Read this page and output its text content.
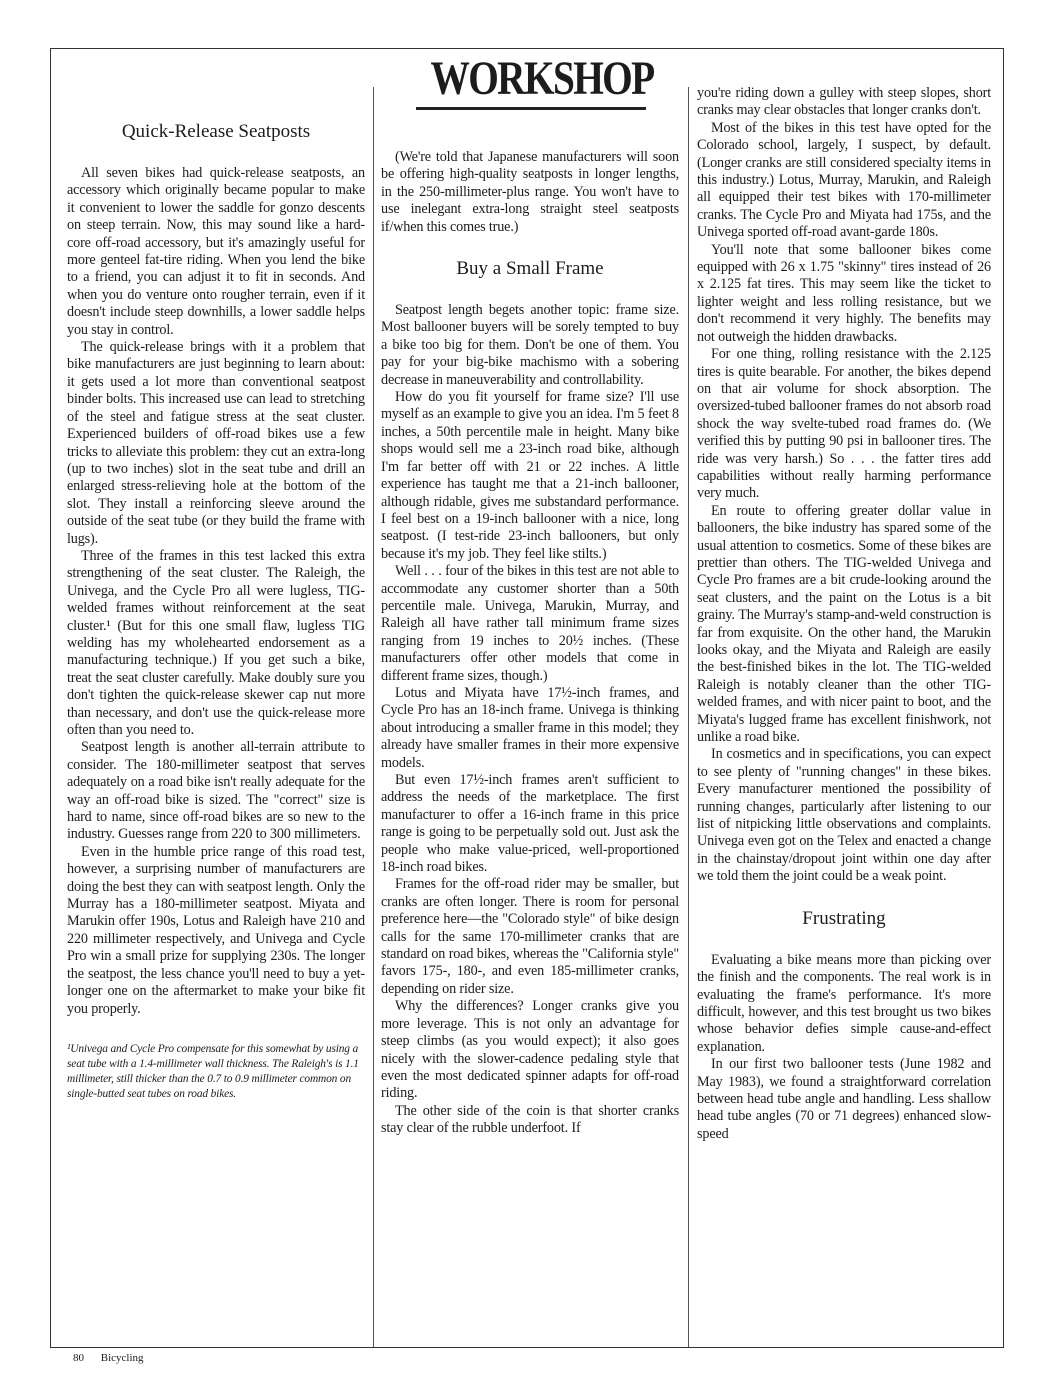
WORKSHOP
Quick-Release Seatposts

All seven bikes had quick-release seatposts, an accessory which originally became popular to make it convenient to lower the saddle for gonzo descents on steep terrain. Now, this may sound like a hard-core off-road accessory, but it's amazingly useful for more genteel fat-tire riding. When you lend the bike to a friend, you can adjust it to fit in seconds. And when you do venture onto rougher terrain, even if it doesn't include steep downhills, a lower saddle helps you stay in control.

The quick-release brings with it a problem that bike manufacturers are just beginning to learn about: it gets used a lot more than conventional seatpost binder bolts. This increased use can lead to stretching of the steel and fatigue stress at the seat cluster. Experienced builders of off-road bikes use a few tricks to alleviate this problem: they cut an extra-long (up to two inches) slot in the seat tube and drill an enlarged stress-relieving hole at the bottom of the slot. They install a reinforcing sleeve around the outside of the seat tube (or they build the frame with lugs).

Three of the frames in this test lacked this extra strengthening of the seat cluster. The Raleigh, the Univega, and the Cycle Pro all were lugless, TIG-welded frames without reinforcement at the seat cluster.¹ (But for this one small flaw, lugless TIG welding has my wholehearted endorsement as a manufacturing technique.) If you get such a bike, treat the seat cluster carefully. Make doubly sure you don't tighten the quick-release skewer cap nut more than necessary, and don't use the quick-release more often than you need to.

Seatpost length is another all-terrain attribute to consider. The 180-millimeter seatpost that serves adequately on a road bike isn't really adequate for the way an off-road bike is sized. The "correct" size is hard to name, since off-road bikes are so new to the industry. Guesses range from 220 to 300 millimeters.

Even in the humble price range of this road test, however, a surprising number of manufacturers are doing the best they can with seatpost length. Only the Murray has a 180-millimeter seatpost. Miyata and Marukin offer 190s, Lotus and Raleigh have 210 and 220 millimeter respectively, and Univega and Cycle Pro win a small prize for supplying 230s. The longer the seatpost, the less chance you'll need to buy a yet-longer one on the aftermarket to make your bike fit you properly.

¹Univega and Cycle Pro compensate for this somewhat by using a seat tube with a 1.4-millimeter wall thickness. The Raleigh's is 1.1 millimeter, still thicker than the 0.7 to 0.9 millimeter common on single-butted seat tubes on road bikes.

(We're told that Japanese manufacturers will soon be offering high-quality seatposts in longer lengths, in the 250-millimeter-plus range. You won't have to use inelegant extra-long straight steel seatposts if/when this comes true.)

Buy a Small Frame

Seatpost length begets another topic: frame size. Most ballooner buyers will be sorely tempted to buy a bike too big for them. Don't be one of them. You pay for your big-bike machismo with a sobering decrease in maneuverability and controllability.

How do you fit yourself for frame size? I'll use myself as an example to give you an idea. I'm 5 feet 8 inches, a 50th percentile male in height. Many bike shops would sell me a 23-inch road bike, although I'm far better off with 21 or 22 inches. A little experience has taught me that a 21-inch ballooner, although ridable, gives me substandard performance. I feel best on a 19-inch ballooner with a nice, long seatpost. (I test-ride 23-inch ballooners, but only because it's my job. They feel like stilts.)

Well . . . four of the bikes in this test are not able to accommodate any customer shorter than a 50th percentile male. Univega, Marukin, Murray, and Raleigh all have rather tall minimum frame sizes ranging from 19 inches to 20½ inches. (These manufacturers offer other models that come in different frame sizes, though.)

Lotus and Miyata have 17½-inch frames, and Cycle Pro has an 18-inch frame. Univega is thinking about introducing a smaller frame in this model; they already have smaller frames in their more expensive models.

But even 17½-inch frames aren't sufficient to address the needs of the marketplace. The first manufacturer to offer a 16-inch frame in this price range is going to be perpetually sold out. Just ask the people who make value-priced, well-proportioned 18-inch road bikes.

Frames for the off-road rider may be smaller, but cranks are often longer. There is room for personal preference here—the "Colorado style" of bike design calls for the same 170-millimeter cranks that are standard on road bikes, whereas the "California style" favors 175-, 180-, and even 185-millimeter cranks, depending on rider size.

Why the differences? Longer cranks give you more leverage. This is not only an advantage for steep climbs (as you would expect); it also goes nicely with the slower-cadence pedaling style that even the most dedicated spinner adapts for off-road riding.

The other side of the coin is that shorter cranks stay clear of the rubble underfoot. If

you're riding down a gulley with steep slopes, short cranks may clear obstacles that longer cranks don't.

Most of the bikes in this test have opted for the Colorado school, largely, I suspect, by default. (Longer cranks are still considered specialty items in this industry.) Lotus, Murray, Marukin, and Raleigh all equipped their test bikes with 170-millimeter cranks. The Cycle Pro and Miyata had 175s, and the Univega sported off-road avant-garde 180s.

You'll note that some ballooner bikes come equipped with 26 x 1.75 "skinny" tires instead of 26 x 2.125 fat tires. This may seem like the ticket to lighter weight and less rolling resistance, but we don't recommend it very highly. The benefits may not outweigh the hidden drawbacks.

For one thing, rolling resistance with the 2.125 tires is quite bearable. For another, the bikes depend on that air volume for shock absorption. The oversized-tubed ballooner frames do not absorb road shock the way svelte-tubed road frames do. (We verified this by putting 90 psi in ballooner tires. The ride was very harsh.) So . . . the fatter tires add capabilities without really harming performance very much.

En route to offering greater dollar value in ballooners, the bike industry has spared some of the usual attention to cosmetics. Some of these bikes are prettier than others. The TIG-welded Univega and Cycle Pro frames are a bit crude-looking around the seat clusters, and the paint on the Lotus is a bit grainy. The Murray's stamp-and-weld construction is far from exquisite. On the other hand, the Marukin looks okay, and the Miyata and Raleigh are easily the best-finished bikes in the lot. The TIG-welded Raleigh is notably cleaner than the other TIG-welded frames, and with nicer paint to boot, and the Miyata's lugged frame has excellent finishwork, not unlike a road bike.

In cosmetics and in specifications, you can expect to see plenty of "running changes" in these bikes. Every manufacturer mentioned the possibility of running changes, particularly after listening to our list of nitpicking little observations and complaints. Univega even got on the Telex and enacted a change in the chainstay/dropout joint within one day after we told them the joint could be a weak point.

Frustrating

Evaluating a bike means more than picking over the finish and the components. The real work is in evaluating the frame's performance. It's more difficult, however, and this test brought us two bikes whose behavior defies simple cause-and-effect explanation.

In our first two ballooner tests (June 1982 and May 1983), we found a straightforward correlation between head tube angle and handling. Less shallow head tube angles (70 or 71 degrees) enhanced slow-speed

80 Bicycling
